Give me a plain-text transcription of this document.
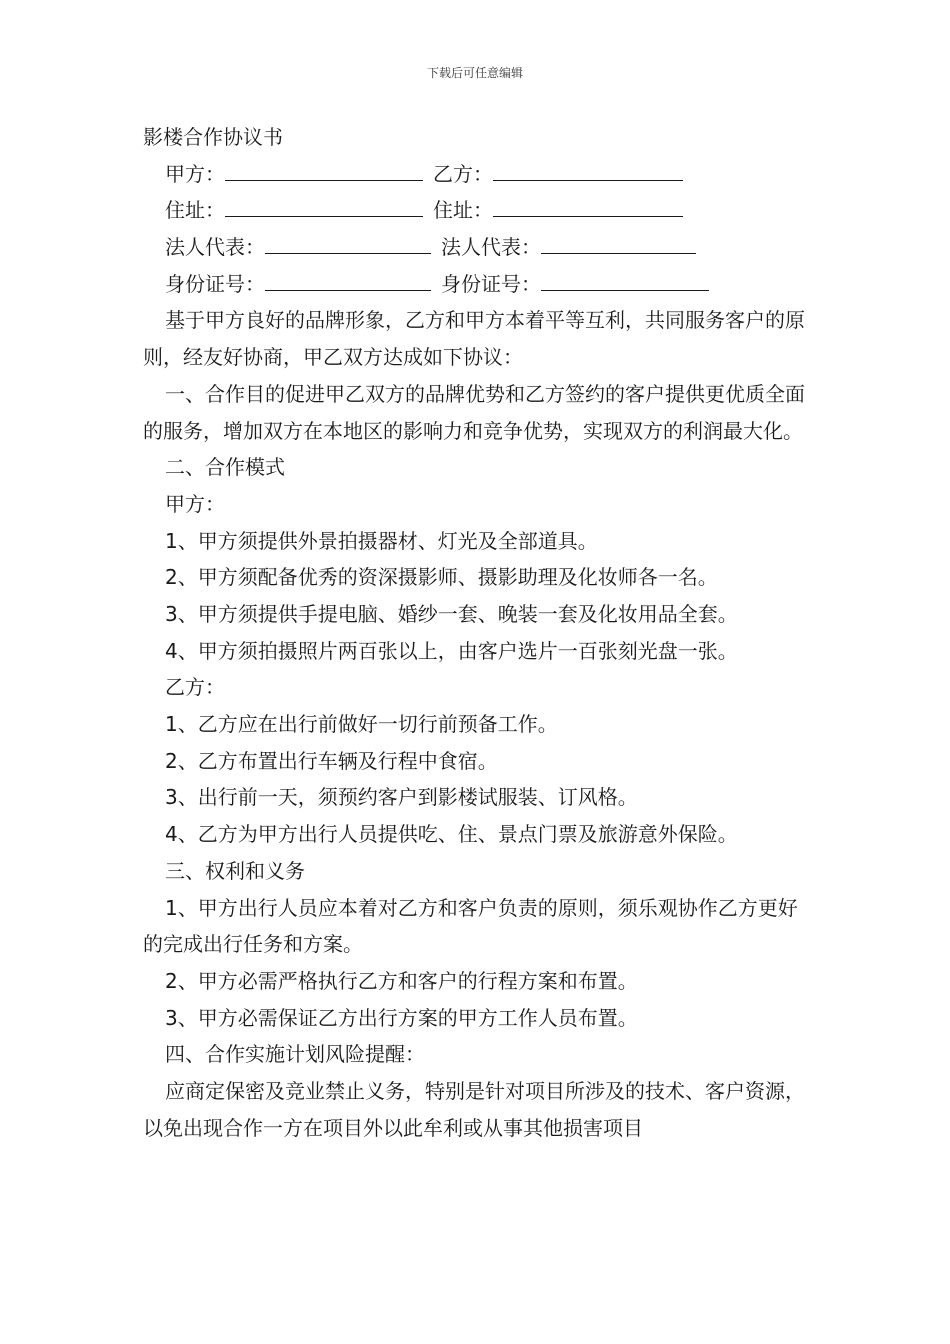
下载后可任意编辑
影楼合作协议书
甲方：	乙方：
住址：	住址：
法人代表：	法人代表：
身份证号：	身份证号：
基于甲方良好的品牌形象，乙方和甲方本着平等互利，共同服务客户的原则，经友好协商，甲乙双方达成如下协议：
一、合作目的促进甲乙双方的品牌优势和乙方签约的客户提供更优质全面的服务，增加双方在本地区的影响力和竞争优势，实现双方的利润最大化。
二、合作模式
甲方：
1、甲方须提供外景拍摄器材、灯光及全部道具。
2、甲方须配备优秀的资深摄影师、摄影助理及化妆师各一名。
3、甲方须提供手提电脑、婚纱一套、晚装一套及化妆用品全套。
4、甲方须拍摄照片两百张以上，由客户选片一百张刻光盘一张。
乙方：
1、乙方应在出行前做好一切行前预备工作。
2、乙方布置出行车辆及行程中食宿。
3、出行前一天，须预约客户到影楼试服装、订风格。
4、乙方为甲方出行人员提供吃、住、景点门票及旅游意外保险。
三、权利和义务
1、甲方出行人员应本着对乙方和客户负责的原则，须乐观协作乙方更好的完成出行任务和方案。
2、甲方必需严格执行乙方和客户的行程方案和布置。
3、甲方必需保证乙方出行方案的甲方工作人员布置。
四、合作实施计划风险提醒：
应商定保密及竞业禁止义务，特别是针对项目所涉及的技术、客户资源，以免出现合作一方在项目外以此牟利或从事其他损害项目
